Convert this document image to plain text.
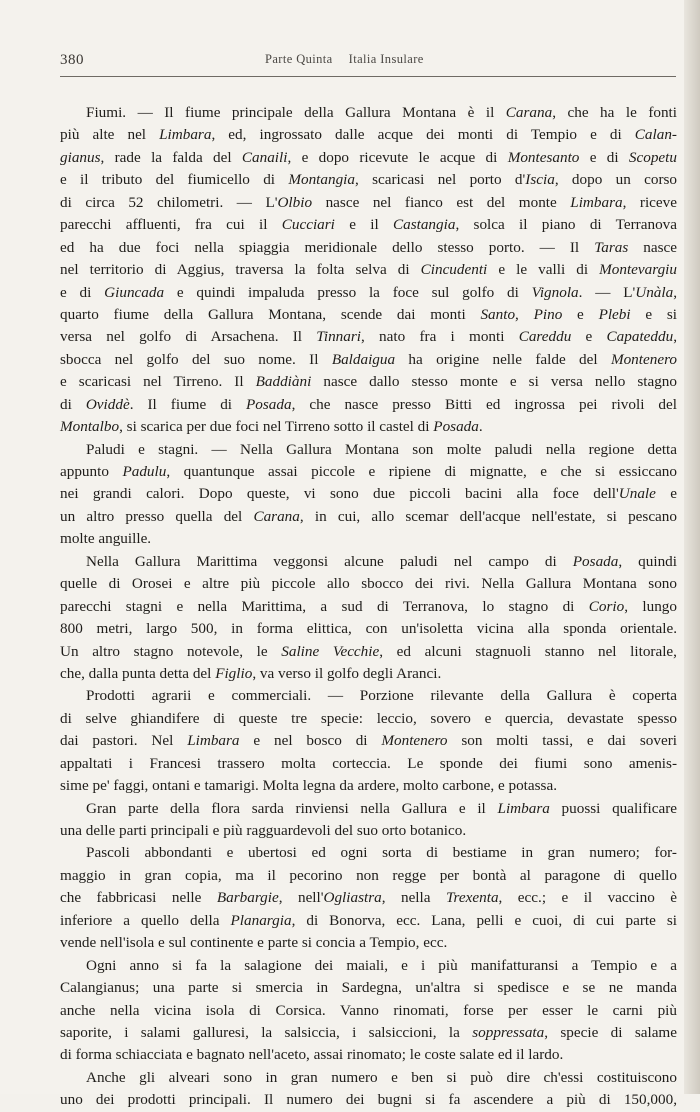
380	Parte Quinta Italia Insulare
Fiumi. — Il fiume principale della Gallura Montana è il Carana, che ha le fonti
più alte nel Limbara, ed, ingrossato dalle acque dei monti di Tempio e di Calan-
gianus, rade la falda del Canaili, e dopo ricevute le acque di Montesanto e di Scopetu
e il tributo del fiumicello di Montangia, scaricasi nel porto d'Iscia, dopo un corso
di circa 52 chilometri. — L'Olbio nasce nel fianco est del monte Limbara, riceve
parecchi affluenti, fra cui il Cucciari e il Castangia, solca il piano di Terranova
ed ha due foci nella spiaggia meridionale dello stesso porto. — Il Taras nasce
nel territorio di Aggius, traversa la folta selva di Cincudenti e le valli di Montevargiu
e di Giuncada e quindi impaluda presso la foce sul golfo di Vignola. — L'Unàla,
quarto fiume della Gallura Montana, scende dai monti Santo, Pino e Plebi e si
versa nel golfo di Arsachena. Il Tinnari, nato fra i monti Careddu e Capateddu,
sbocca nel golfo del suo nome. Il Baldaigua ha origine nelle falde del Montenero
e scaricasi nel Tirreno. Il Baddiàni nasce dallo stesso monte e si versa nello stagno
di Oviddè. Il fiume di Posada, che nasce presso Bitti ed ingrossa pei rivoli del
Montalbo, si scarica per due foci nel Tirreno sotto il castel di Posada.
Paludi e stagni. — Nella Gallura Montana son molte paludi nella regione detta
appunto Padulu, quantunque assai piccole e ripiene di mignatte, e che si essiccano
nei grandi calori. Dopo queste, vi sono due piccoli bacini alla foce dell'Unale e
un altro presso quella del Carana, in cui, allo scemar dell'acque nell'estate, si pescano
molte anguille.
Nella Gallura Marittima veggonsi alcune paludi nel campo di Posada, quindi
quelle di Orosei e altre più piccole allo sbocco dei rivi. Nella Gallura Montana sono
parecchi stagni e nella Marittima, a sud di Terranova, lo stagno di Corio, lungo
800 metri, largo 500, in forma elittica, con un'isoletta vicina alla sponda orientale.
Un altro stagno notevole, le Saline Vecchie, ed alcuni stagnuoli stanno nel litorale,
che, dalla punta detta del Figlio, va verso il golfo degli Aranci.
Prodotti agrarii e commerciali. — Porzione rilevante della Gallura è coperta
di selve ghiandifere di queste tre specie: leccio, sovero e quercia, devastate spesso
dai pastori. Nel Limbara e nel bosco di Montenero son molti tassi, e dai soveri
appaltati i Francesi trassero molta corteccia. Le sponde dei fiumi sono amenis-
sime pe' faggi, ontani e tamarigi. Molta legna da ardere, molto carbone, e potassa.
Gran parte della flora sarda rinviensi nella Gallura e il Limbara puossi qualificare
una delle parti principali e più ragguardevoli del suo orto botanico.
Pascoli abbondanti e ubertosi ed ogni sorta di bestiame in gran numero; for-
maggio in gran copia, ma il pecorino non regge per bontà al paragone di quello
che fabbricasi nelle Barbargie, nell'Ogliastra, nella Trexenta, ecc.; e il vaccino è
inferiore a quello della Planargia, di Bonorva, ecc. Lana, pelli e cuoi, di cui parte si
vende nell'isola e sul continente e parte si concia a Tempio, ecc.
Ogni anno si fa la salagione dei maiali, e i più manifatturansi a Tempio e a
Calangianus; una parte si smercia in Sardegna, un'altra si spedisce e se ne manda
anche nella vicina isola di Corsica. Vanno rinomati, forse per esser le carni più
saporite, i salami galluresi, la salsiccia, i salsiccioni, la soppressata, specie di salame
di forma schiacciata e bagnato nell'aceto, assai rinomato; le coste salate ed il lardo.
Anche gli alveari sono in gran numero e ben si può dire ch'essi costituiscono
uno dei prodotti principali. Il numero dei bugni si fa ascendere a più di 150,000,
